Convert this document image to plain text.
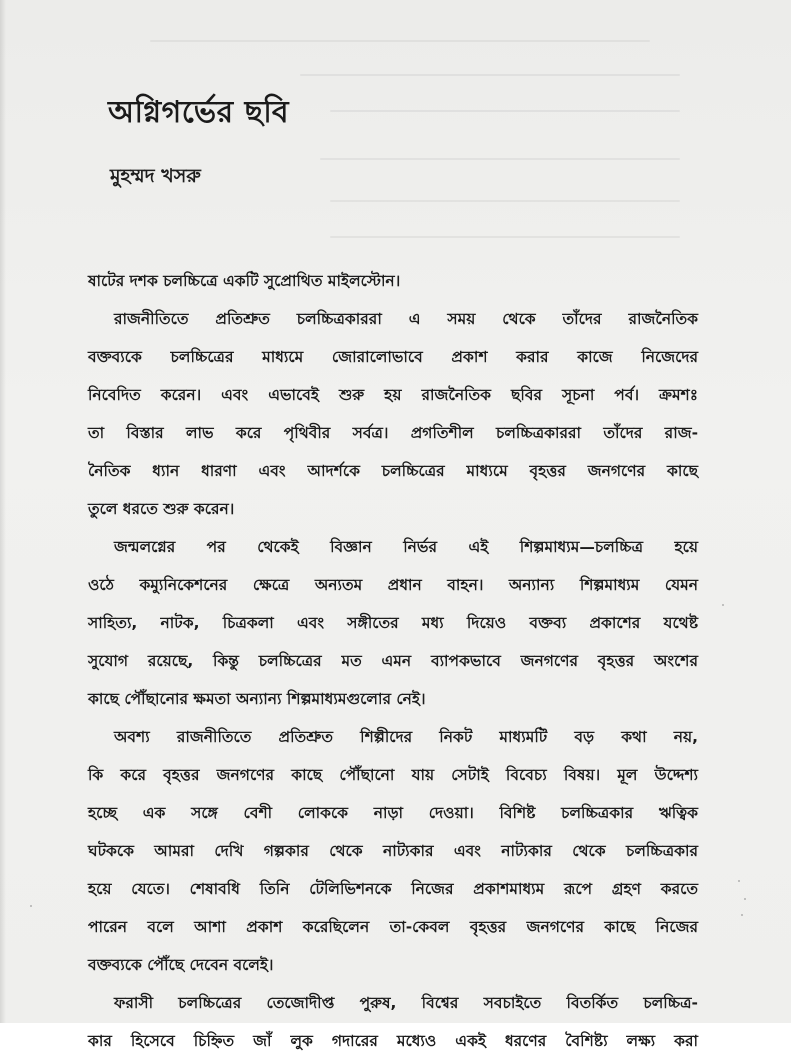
অগ্নিগর্ভের ছবি
মুহম্মদ খসরু
ষাটের দশক চলচ্চিত্রে একটি সুপ্রোথিত মাইলস্টোন।
রাজনীতিতে প্রতিশ্রুত চলচ্চিত্রকাররা এ সময় থেকে তাঁদের রাজনৈতিক
বক্তব্যকে চলচ্চিত্রের মাধ্যমে জোরালোভাবে প্রকাশ করার কাজে নিজেদের
নিবেদিত করেন। এবং এভাবেই শুরু হয় রাজনৈতিক ছবির সূচনা পর্ব। ক্রমশঃ
তা বিস্তার লাভ করে পৃথিবীর সর্বত্র। প্রগতিশীল চলচ্চিত্রকাররা তাঁদের রাজ-
নৈতিক ধ্যান ধারণা এবং আদর্শকে চলচ্চিত্রের মাধ্যমে বৃহত্তর জনগণের কাছে
তুলে ধরতে শুরু করেন।
জন্মলগ্নের পর থেকেই বিজ্ঞান নির্ভর এই শিল্পমাধ্যম—চলচ্চিত্র হয়ে
ওঠে কম্যুনিকেশনের ক্ষেত্রে অন্যতম প্রধান বাহন। অন্যান্য শিল্পমাধ্যম যেমন
সাহিত্য, নাটক, চিত্রকলা এবং সঙ্গীতের মধ্য দিয়েও বক্তব্য প্রকাশের যথেষ্ট
সুযোগ রয়েছে, কিন্তু চলচ্চিত্রের মত এমন ব্যাপকভাবে জনগণের বৃহত্তর অংশের
কাছে পৌঁছানোর ক্ষমতা অন্যান্য শিল্পমাধ্যমগুলোর নেই।
অবশ্য রাজনীতিতে প্রতিশ্রুত শিল্পীদের নিকট মাধ্যমটি বড় কথা নয়,
কি করে বৃহত্তর জনগণের কাছে পৌঁছানো যায় সেটাই বিবেচ্য বিষয়। মূল উদ্দেশ্য
হচ্ছে এক সঙ্গে বেশী লোককে নাড়া দেওয়া। বিশিষ্ট চলচ্চিত্রকার ঋত্বিক
ঘটককে আমরা দেখি গল্পকার থেকে নাট্যকার এবং নাট্যকার থেকে চলচ্চিত্রকার
হয়ে যেতে। শেষাবধি তিনি টেলিভিশনকে নিজের প্রকাশমাধ্যম রূপে গ্রহণ করতে
পারেন বলে আশা প্রকাশ করেছিলেন তা-কেবল বৃহত্তর জনগণের কাছে নিজের
বক্তব্যকে পৌঁছে দেবেন বলেই।
ফরাসী চলচ্চিত্রের তেজোদীপ্ত পুরুষ, বিশ্বের সবচাইতে বিতর্কিত চলচ্চিত্র-
কার হিসেবে চিহ্নিত জাঁ লুক গদারের মধ্যেও একই ধরণের বৈশিষ্ট্য লক্ষ্য করা
